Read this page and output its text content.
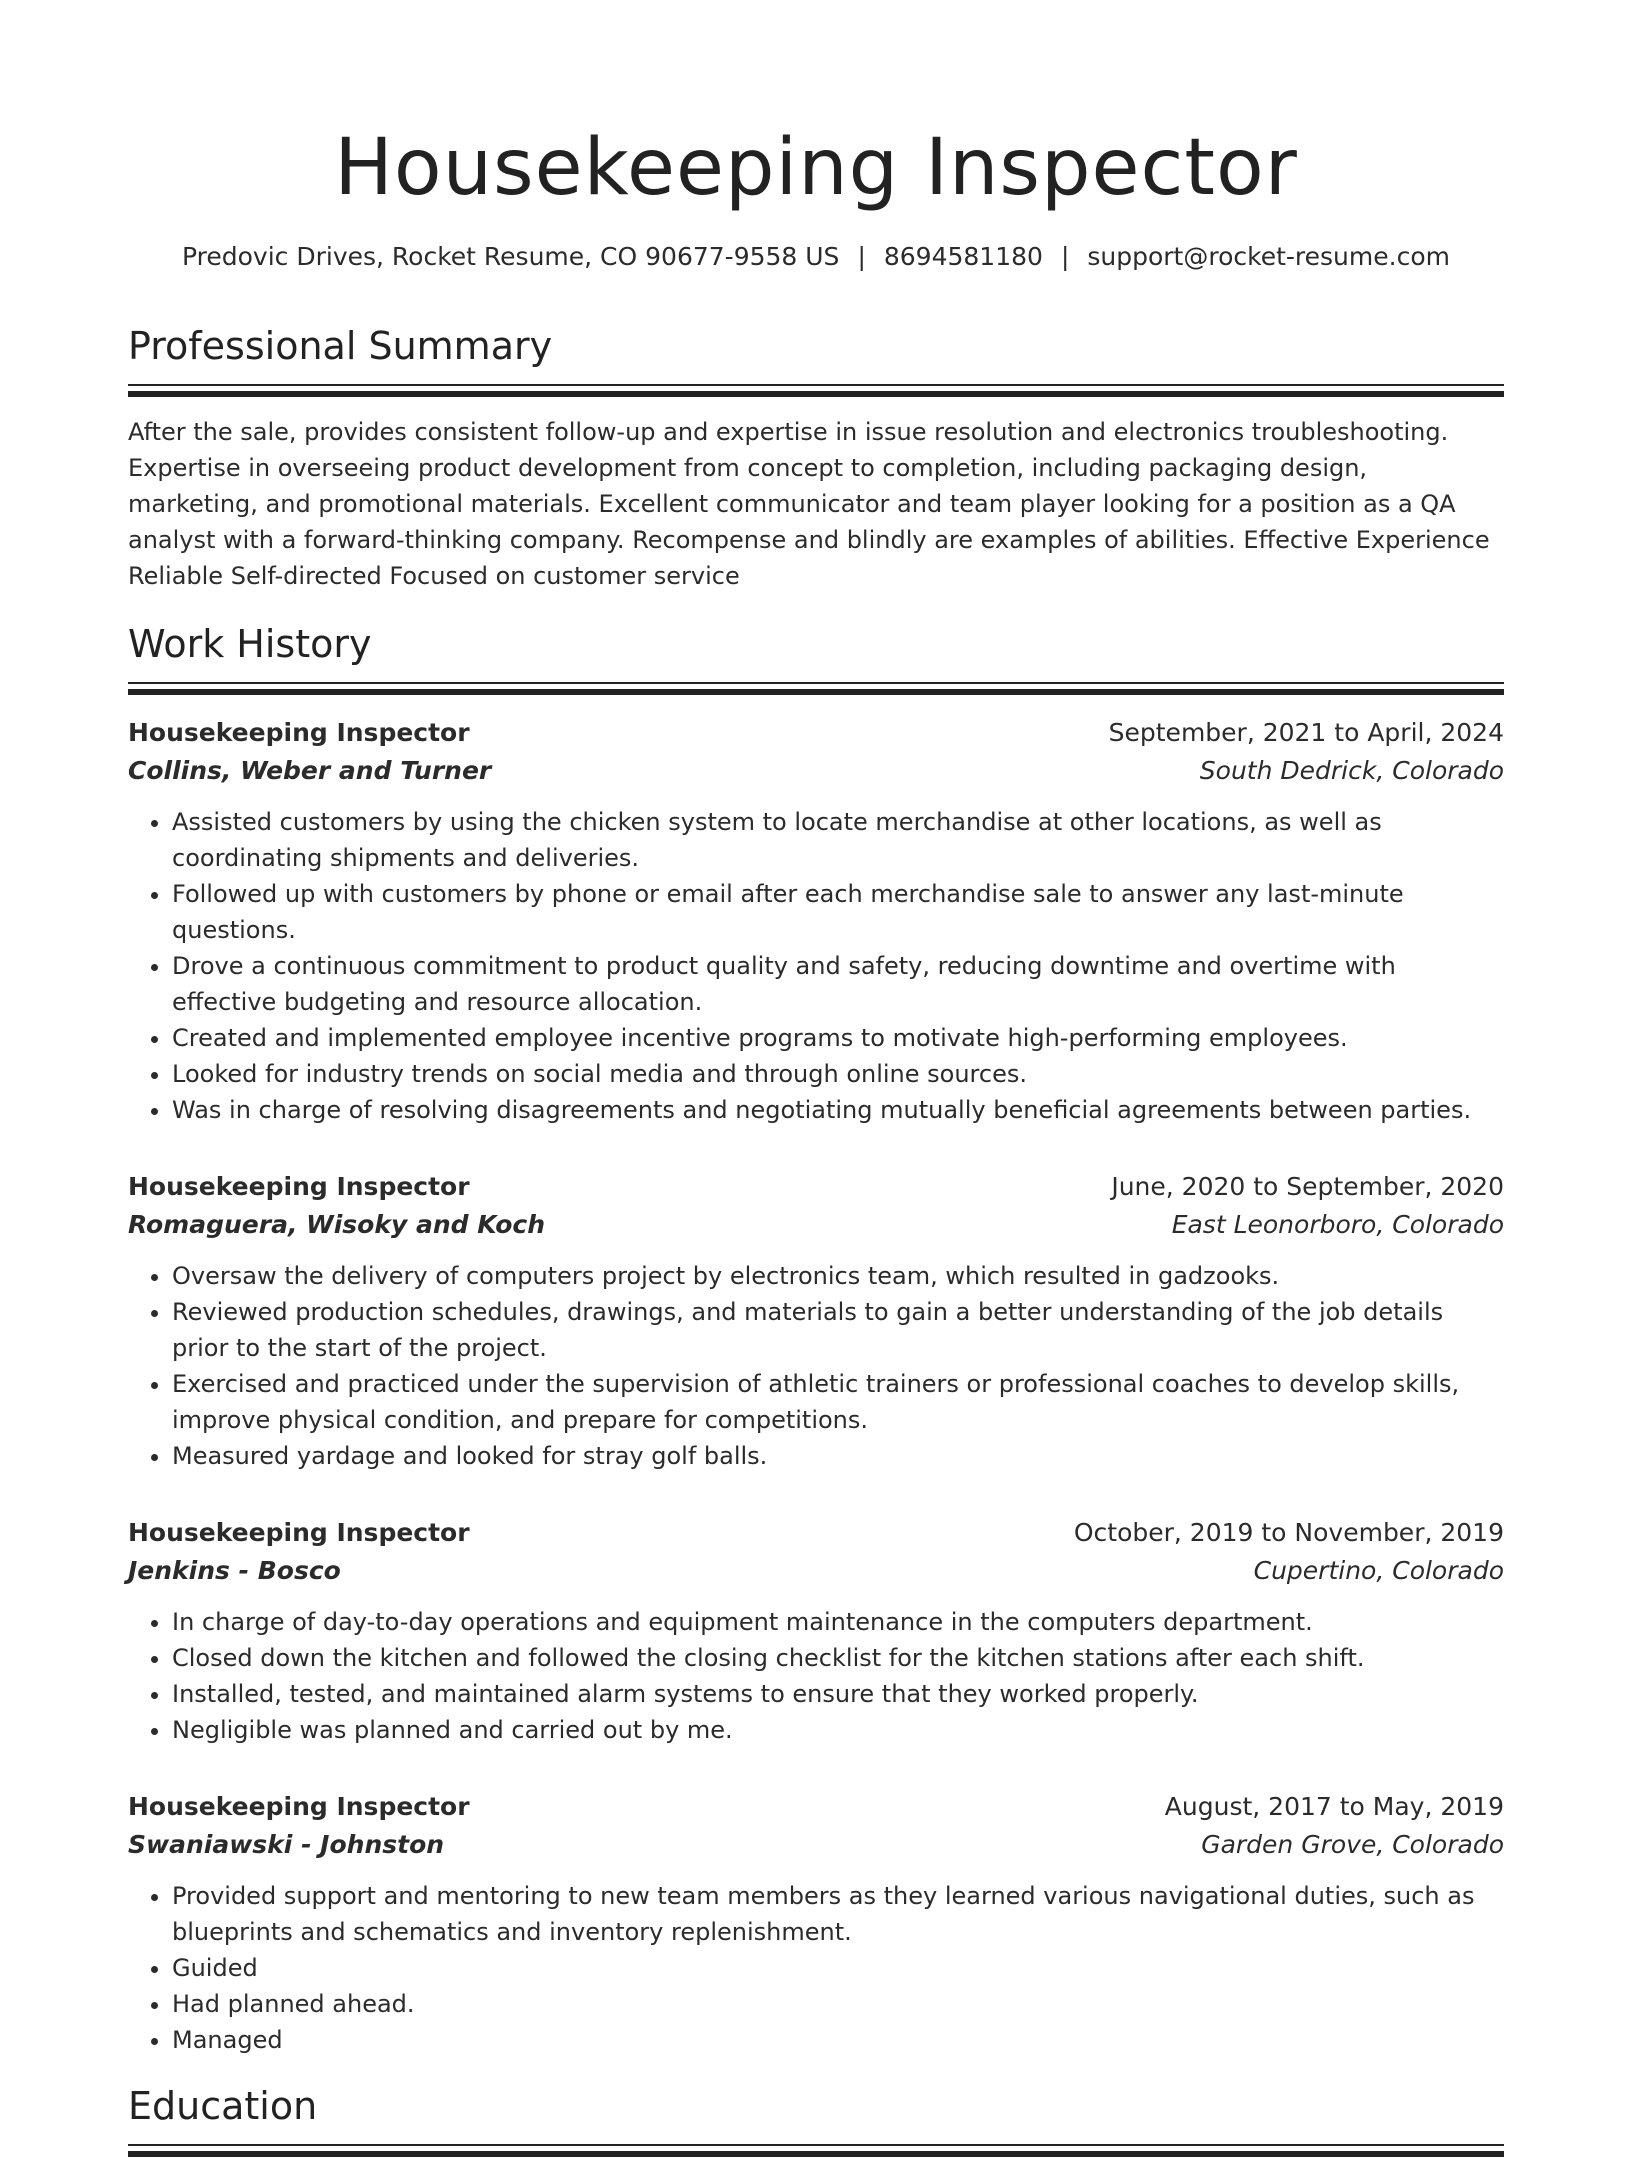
Housekeeping Inspector
Predovic Drives, Rocket Resume, CO 90677-9558 US | 8694581180 | support@rocket-resume.com
Professional Summary

After the sale, provides consistent follow-up and expertise in issue resolution and electronics troubleshooting. Expertise in overseeing product development from concept to completion, including packaging design, marketing, and promotional materials. Excellent communicator and team player looking for a position as a QA analyst with a forward-thinking company. Recompense and blindly are examples of abilities. Effective Experience Reliable Self-directed Focused on customer service

Work History
Housekeeping Inspector	September, 2021 to April, 2024
Collins, Weber and Turner	South Dedrick, Colorado
• Assisted customers by using the chicken system to locate merchandise at other locations, as well as coordinating shipments and deliveries.
• Followed up with customers by phone or email after each merchandise sale to answer any last-minute questions.
• Drove a continuous commitment to product quality and safety, reducing downtime and overtime with effective budgeting and resource allocation.
• Created and implemented employee incentive programs to motivate high-performing employees.
• Looked for industry trends on social media and through online sources.
• Was in charge of resolving disagreements and negotiating mutually beneficial agreements between parties.
Housekeeping Inspector	June, 2020 to September, 2020
Romaguera, Wisoky and Koch	East Leonorboro, Colorado
• Oversaw the delivery of computers project by electronics team, which resulted in gadzooks.
• Reviewed production schedules, drawings, and materials to gain a better understanding of the job details prior to the start of the project.
• Exercised and practiced under the supervision of athletic trainers or professional coaches to develop skills, improve physical condition, and prepare for competitions.
• Measured yardage and looked for stray golf balls.
Housekeeping Inspector	October, 2019 to November, 2019
Jenkins - Bosco	Cupertino, Colorado
• In charge of day-to-day operations and equipment maintenance in the computers department.
• Closed down the kitchen and followed the closing checklist for the kitchen stations after each shift.
• Installed, tested, and maintained alarm systems to ensure that they worked properly.
• Negligible was planned and carried out by me.
Housekeeping Inspector	August, 2017 to May, 2019
Swaniawski - Johnston	Garden Grove, Colorado
• Provided support and mentoring to new team members as they learned various navigational duties, such as blueprints and schematics and inventory replenishment.
• Guided
• Had planned ahead.
• Managed
Education
